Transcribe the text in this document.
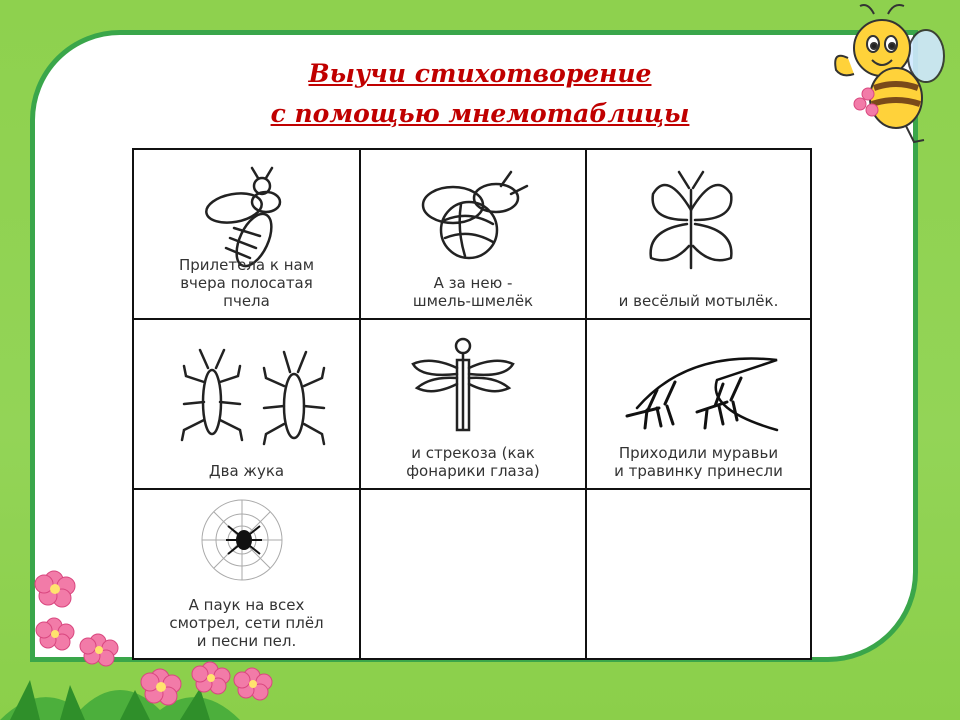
Выучи стихотворение
с помощью мнемотаблицы
Прилетела к нам
вчера полосатая
пчела
А за нею -
шмель-шмелёк	и весёлый мотылёк.
Два жука
и стрекоза (как
фонарики глаза)
Приходили муравьи
и травинку принесли
А паук на всех
смотрел, сети плёл
и песни пел.
